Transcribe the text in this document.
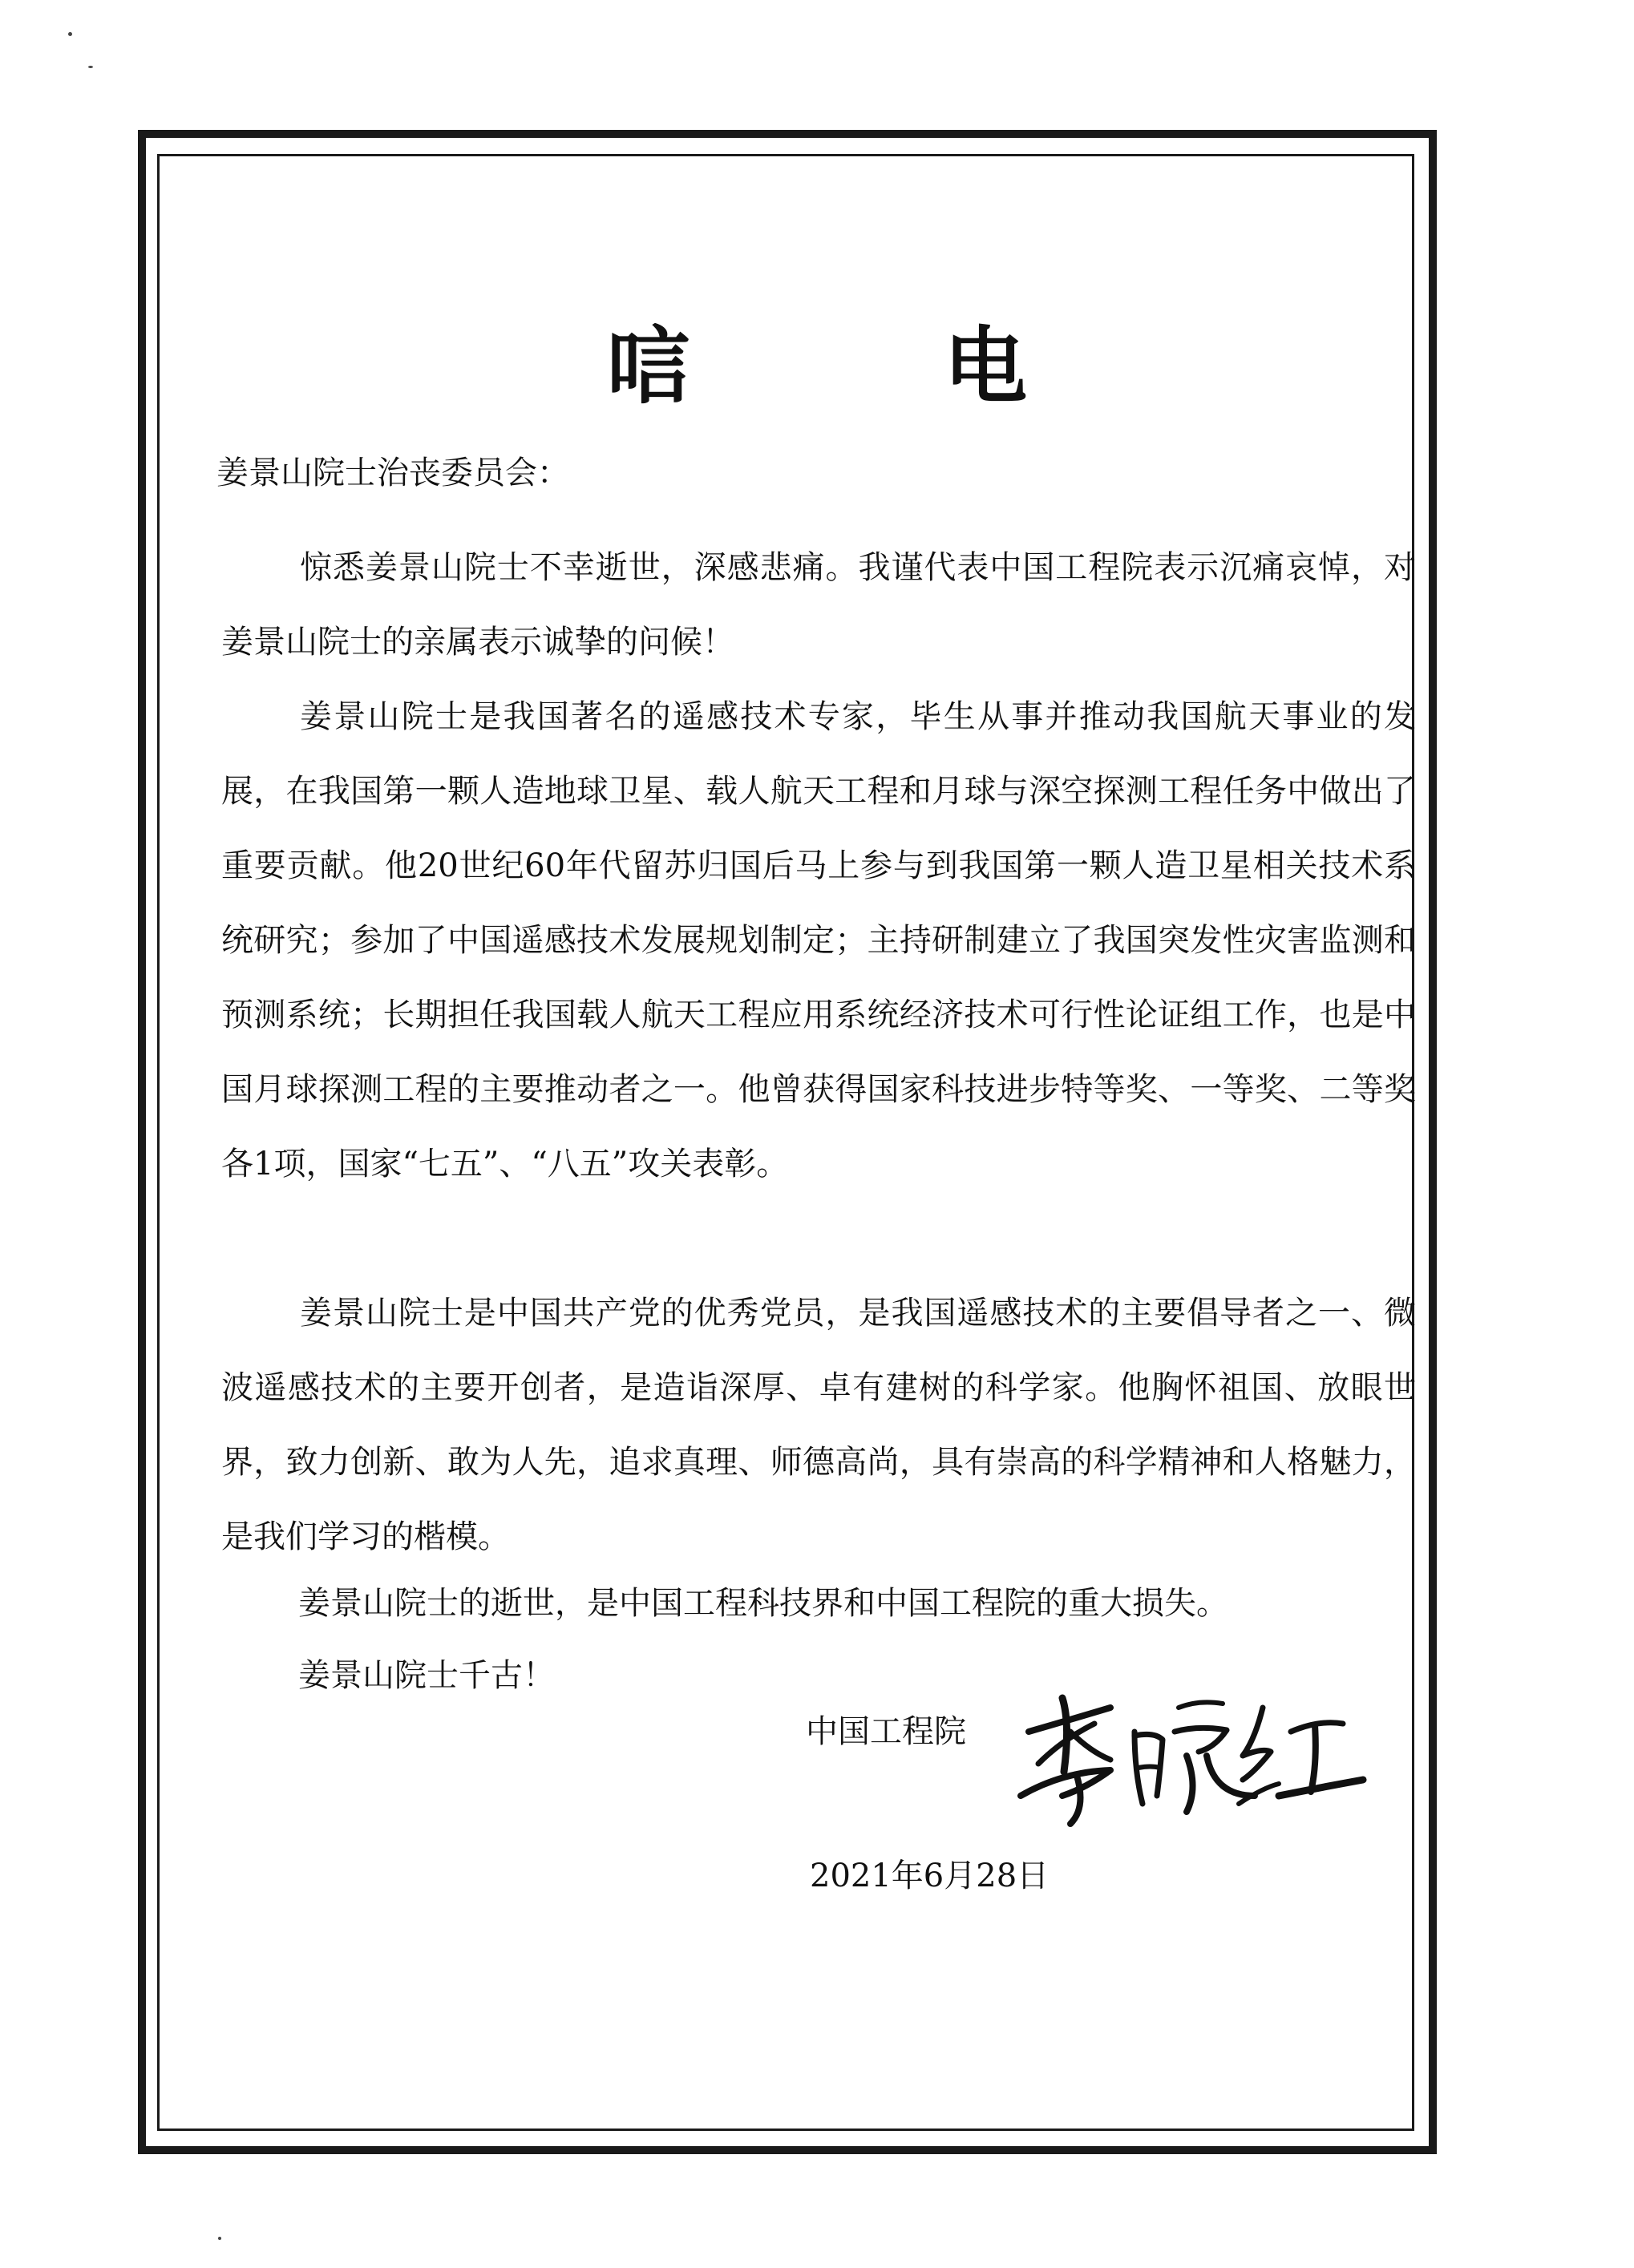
唁 电
姜景山院士治丧委员会：
惊悉姜景山院士不幸逝世，深感悲痛。我谨代表中国工程院表示沉痛哀悼，对姜景山院士的亲属表示诚挚的问候！
姜景山院士是我国著名的遥感技术专家，毕生从事并推动我国航天事业的发展，在我国第一颗人造地球卫星、载人航天工程和月球与深空探测工程任务中做出了重要贡献。他20世纪60年代留苏归国后马上参与到我国第一颗人造卫星相关技术系统研究；参加了中国遥感技术发展规划制定；主持研制建立了我国突发性灾害监测和预测系统；长期担任我国载人航天工程应用系统经济技术可行性论证组工作，也是中国月球探测工程的主要推动者之一。他曾获得国家科技进步特等奖、一等奖、二等奖各1项，国家“七五”、“八五”攻关表彰。
姜景山院士是中国共产党的优秀党员，是我国遥感技术的主要倡导者之一、微波遥感技术的主要开创者，是造诣深厚、卓有建树的科学家。他胸怀祖国、放眼世界，致力创新、敢为人先，追求真理、师德高尚，具有崇高的科学精神和人格魅力，是我们学习的楷模。
姜景山院士的逝世，是中国工程科技界和中国工程院的重大损失。
姜景山院士千古！
中国工程院
2021年6月28日
